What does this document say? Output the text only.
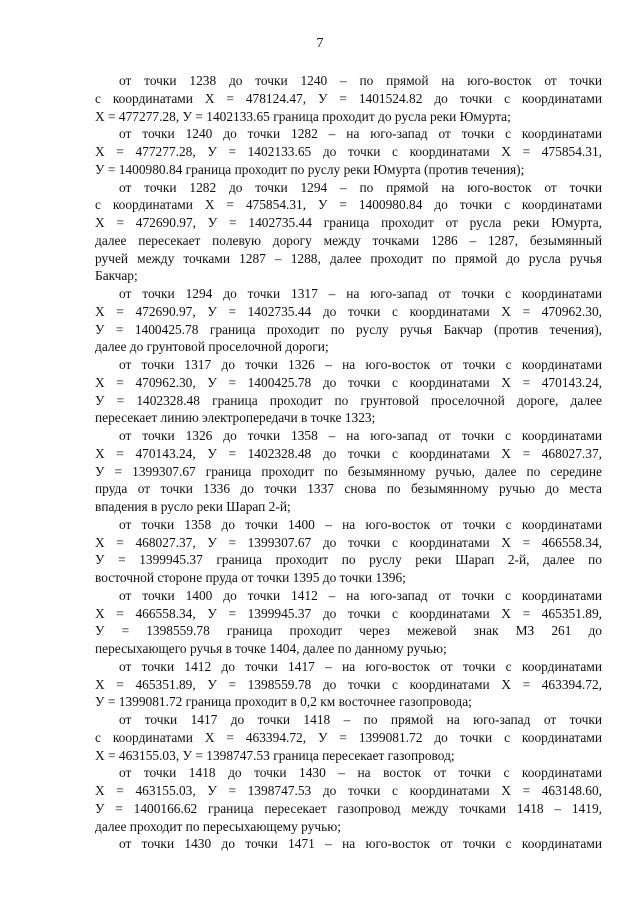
7
от точки 1238 до точки 1240 – по прямой на юго-восток от точки
с координатами Х = 478124.47, У = 1401524.82 до точки с координатами
Х = 477277.28, У = 1402133.65 граница проходит до русла реки Юмурта;
от точки 1240 до точки 1282 – на юго-запад от точки с координатами
Х = 477277.28, У = 1402133.65 до точки с координатами Х = 475854.31,
У = 1400980.84 граница проходит по руслу реки Юмурта (против течения);
от точки 1282 до точки 1294 – по прямой на юго-восток от точки
с координатами Х = 475854.31, У = 1400980.84 до точки с координатами
Х = 472690.97, У = 1402735.44 граница проходит от русла реки Юмурта,
далее пересекает полевую дорогу между точками 1286 – 1287, безымянный
ручей между точками 1287 – 1288, далее проходит по прямой до русла ручья
Бакчар;
от точки 1294 до точки 1317 – на юго-запад от точки с координатами
Х = 472690.97, У = 1402735.44 до точки с координатами Х = 470962.30,
У = 1400425.78 граница проходит по руслу ручья Бакчар (против течения),
далее до грунтовой проселочной дороги;
от точки 1317 до точки 1326 – на юго-восток от точки с координатами
Х = 470962.30, У = 1400425.78 до точки с координатами Х = 470143.24,
У = 1402328.48 граница проходит по грунтовой проселочной дороге, далее
пересекает линию электропередачи в точке 1323;
от точки 1326 до точки 1358 – на юго-запад от точки с координатами
Х = 470143.24, У = 1402328.48 до точки с координатами Х = 468027.37,
У = 1399307.67 граница проходит по безымянному ручью, далее по середине
пруда от точки 1336 до точки 1337 снова по безымянному ручью до места
впадения в русло реки Шарап 2-й;
от точки 1358 до точки 1400 – на юго-восток от точки с координатами
Х = 468027.37, У = 1399307.67 до точки с координатами Х = 466558.34,
У = 1399945.37 граница проходит по руслу реки Шарап 2-й, далее по
восточной стороне пруда от точки 1395 до точки 1396;
от точки 1400 до точки 1412 – на юго-запад от точки с координатами
Х = 466558.34, У = 1399945.37 до точки с координатами Х = 465351.89,
У = 1398559.78 граница проходит через межевой знак МЗ 261 до
пересыхающего ручья в точке 1404, далее по данному ручью;
от точки 1412 до точки 1417 – на юго-восток от точки с координатами
Х = 465351.89, У = 1398559.78 до точки с координатами Х = 463394.72,
У = 1399081.72 граница проходит в 0,2 км восточнее газопровода;
от точки 1417 до точки 1418 – по прямой на юго-запад от точки
с координатами Х = 463394.72, У = 1399081.72 до точки с координатами
Х = 463155.03, У = 1398747.53 граница пересекает газопровод;
от точки 1418 до точки 1430 – на восток от точки с координатами
Х = 463155.03, У = 1398747.53 до точки с координатами Х = 463148.60,
У = 1400166.62 граница пересекает газопровод между точками 1418 – 1419,
далее проходит по пересыхающему ручью;
от точки 1430 до точки 1471 – на юго-восток от точки с координатами
